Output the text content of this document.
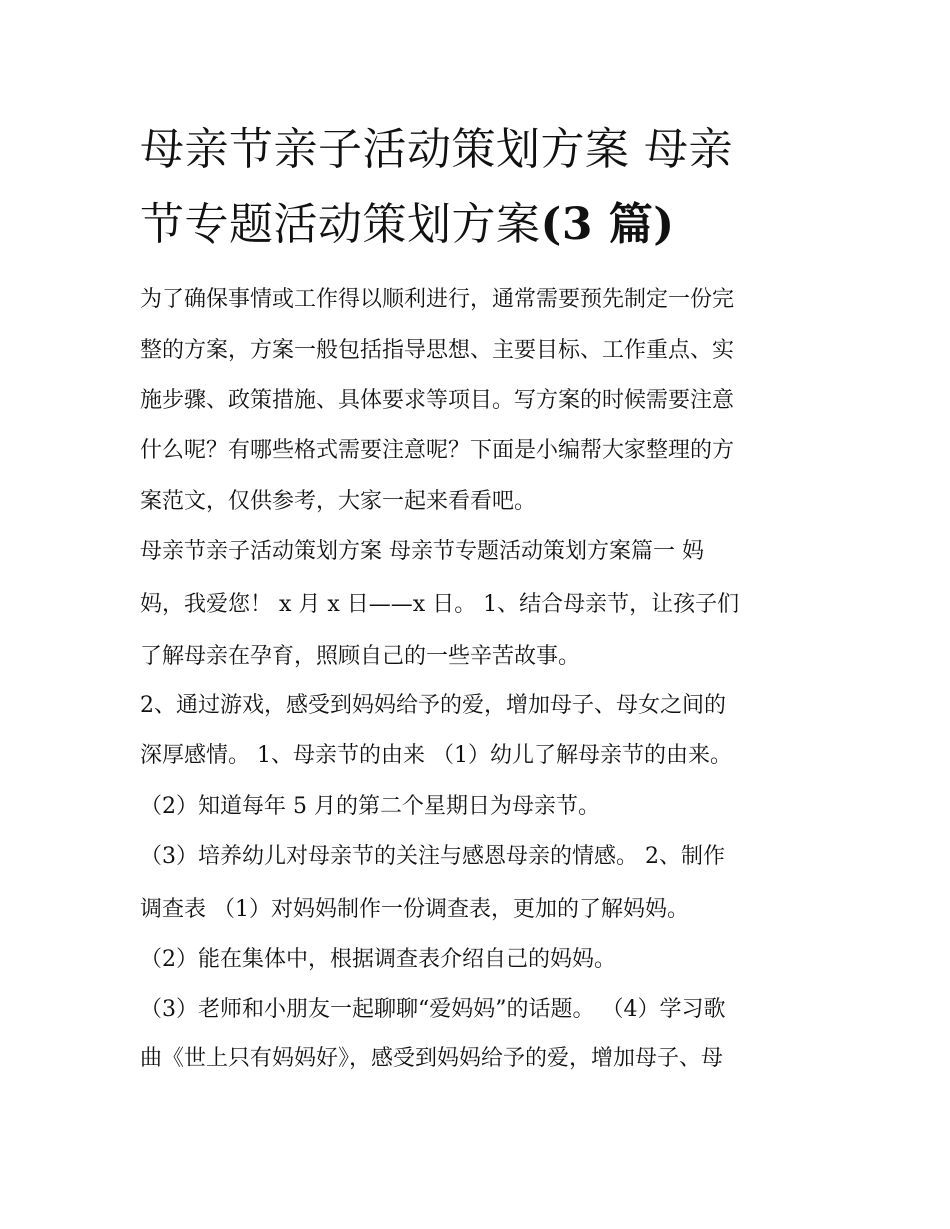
母亲节亲子活动策划方案 母亲
节专题活动策划方案(3 篇)

为了确保事情或工作得以顺利进行，通常需要预先制定一份完

整的方案，方案一般包括指导思想、主要目标、工作重点、实

施步骤、政策措施、具体要求等项目。写方案的时候需要注意

什么呢？有哪些格式需要注意呢？下面是小编帮大家整理的方

案范文，仅供参考，大家一起来看看吧。

母亲节亲子活动策划方案 母亲节专题活动策划方案篇一 妈

妈，我爱您！ x 月 x 日——x 日。 1、结合母亲节，让孩子们

了解母亲在孕育，照顾自己的一些辛苦故事。

2、通过游戏，感受到妈妈给予的爱，增加母子、母女之间的

深厚感情。 1、母亲节的由来 （1）幼儿了解母亲节的由来。

（2）知道每年 5 月的第二个星期日为母亲节。

（3）培养幼儿对母亲节的关注与感恩母亲的情感。 2、制作

调查表 （1）对妈妈制作一份调查表，更加的了解妈妈。

（2）能在集体中，根据调查表介绍自己的妈妈。

（3）老师和小朋友一起聊聊“爱妈妈”的话题。 （4）学习歌

曲《世上只有妈妈好》，感受到妈妈给予的爱，增加母子、母
